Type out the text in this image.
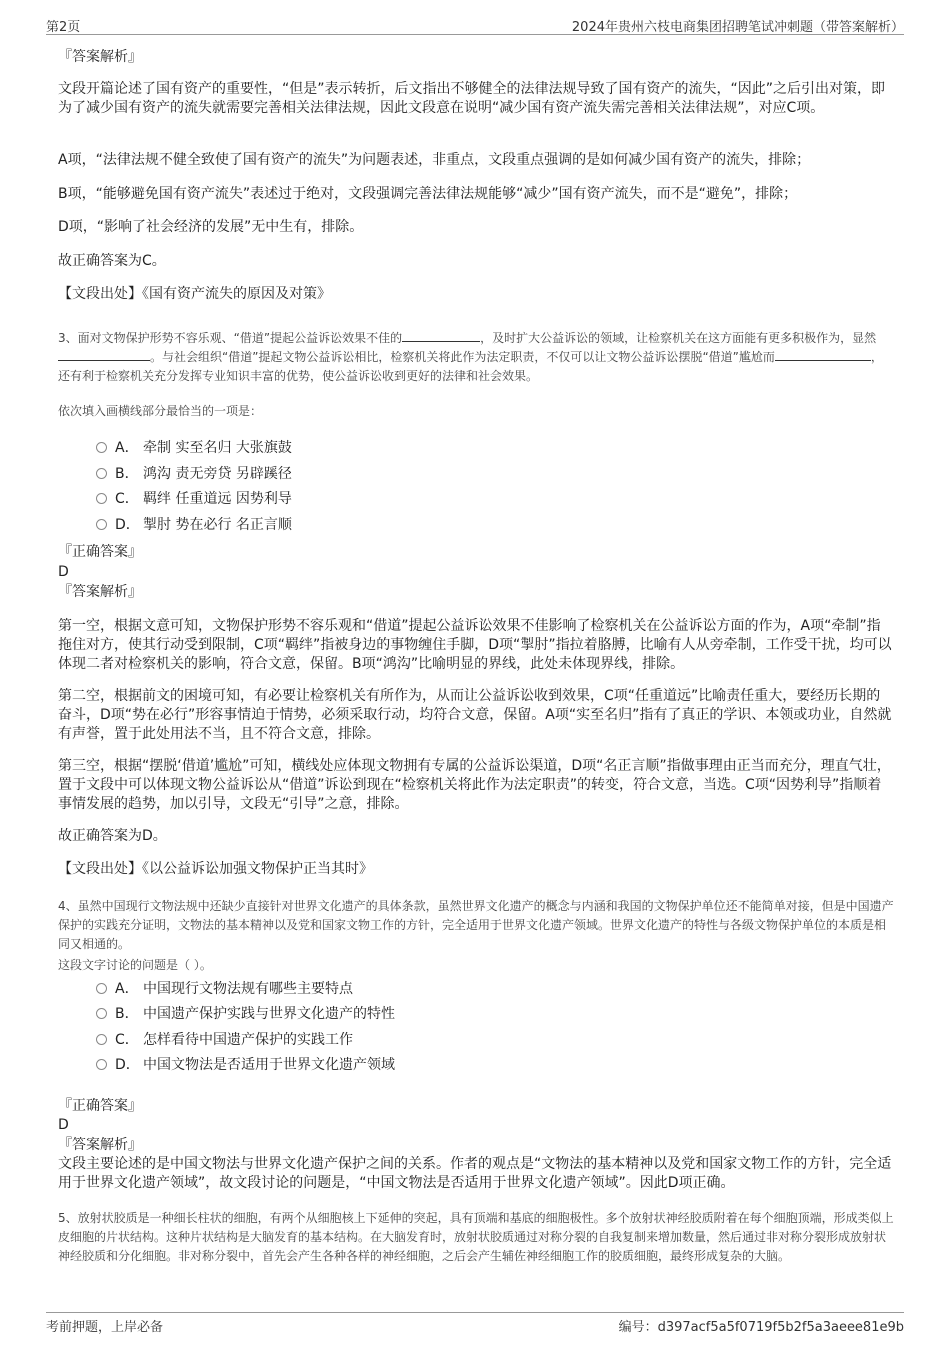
第2页	2024年贵州六枝电商集团招聘笔试冲刺题（带答案解析）
『答案解析』
文段开篇论述了国有资产的重要性，“但是”表示转折，后文指出不够健全的法律法规导致了国有资产的流失，“因此”之后引出对策，即为了减少国有资产的流失就需要完善相关法律法规，因此文段意在说明“减少国有资产流失需完善相关法律法规”，对应C项。
A项，“法律法规不健全致使了国有资产的流失”为问题表述，非重点，文段重点强调的是如何减少国有资产的流失，排除；
B项，“能够避免国有资产流失”表述过于绝对，文段强调完善法律法规能够“减少”国有资产流失，而不是“避免”，排除；
D项，“影响了社会经济的发展”无中生有，排除。
故正确答案为C。
【文段出处】《国有资产流失的原因及对策》
3、面对文物保护形势不容乐观、“借道”提起公益诉讼效果不佳的	，及时扩大公益诉讼的领域，让检察机关在这方面能有更多积极作为，显然。与社会组织“借道”提起文物公益诉讼相比，检察机关将此作为法定职责，不仅可以让文物公益诉讼摆脱“借道”尴尬而	，还有利于检察机关充分发挥专业知识丰富的优势，使公益诉讼收到更好的法律和社会效果。
依次填入画横线部分最恰当的一项是：
A． 牵制 实至名归 大张旗鼓
B． 鸿沟 责无旁贷 另辟蹊径
C． 羁绊 任重道远 因势利导
D． 掣肘 势在必行 名正言顺
『正确答案』
D
『答案解析』
第一空，根据文意可知，文物保护形势不容乐观和“借道”提起公益诉讼效果不佳影响了检察机关在公益诉讼方面的作为，A项“牵制”指拖住对方，使其行动受到限制，C项“羁绊”指被身边的事物缠住手脚，D项“掣肘”指拉着胳膊，比喻有人从旁牵制，工作受干扰，均可以体现二者对检察机关的影响，符合文意，保留。B项“鸿沟”比喻明显的界线，此处未体现界线，排除。
第二空，根据前文的困境可知，有必要让检察机关有所作为，从而让公益诉讼收到效果，C项“任重道远”比喻责任重大，要经历长期的奋斗，D项“势在必行”形容事情迫于情势，必须采取行动，均符合文意，保留。A项“实至名归”指有了真正的学识、本领或功业，自然就有声誉，置于此处用法不当，且不符合文意，排除。
第三空，根据“摆脱‘借道’尴尬”可知，横线处应体现文物拥有专属的公益诉讼渠道，D项“名正言顺”指做事理由正当而充分，理直气壮，置于文段中可以体现文物公益诉讼从“借道”诉讼到现在“检察机关将此作为法定职责”的转变，符合文意，当选。C项“因势利导”指顺着事情发展的趋势，加以引导，文段无“引导”之意，排除。
故正确答案为D。
【文段出处】《以公益诉讼加强文物保护正当其时》
4、虽然中国现行文物法规中还缺少直接针对世界文化遗产的具体条款，虽然世界文化遗产的概念与内涵和我国的文物保护单位还不能简单对接，但是中国遗产保护的实践充分证明，文物法的基本精神以及党和国家文物工作的方针，完全适用于世界文化遗产领域。世界文化遗产的特性与各级文物保护单位的本质是相同又相通的。
这段文字讨论的问题是（ ）。
A． 中国现行文物法规有哪些主要特点
B． 中国遗产保护实践与世界文化遗产的特性
C． 怎样看待中国遗产保护的实践工作
D． 中国文物法是否适用于世界文化遗产领域
『正确答案』
D
『答案解析』
文段主要论述的是中国文物法与世界文化遗产保护之间的关系。作者的观点是“文物法的基本精神以及党和国家文物工作的方针，完全适用于世界文化遗产领域”，故文段讨论的问题是，“中国文物法是否适用于世界文化遗产领域”。因此D项正确。
5、放射状胶质是一种细长柱状的细胞，有两个从细胞核上下延伸的突起，具有顶端和基底的细胞极性。多个放射状神经胶质附着在每个细胞顶端，形成类似上皮细胞的片状结构。这种片状结构是大脑发育的基本结构。在大脑发育时，放射状胶质通过对称分裂的自我复制来增加数量，然后通过非对称分裂形成放射状神经胶质和分化细胞。非对称分裂中，首先会产生各种各样的神经细胞，之后会产生辅佐神经细胞工作的胶质细胞，最终形成复杂的大脑。
考前押题，上岸必备	编号：d397acf5a5f0719f5b2f5a3aeee81e9b
